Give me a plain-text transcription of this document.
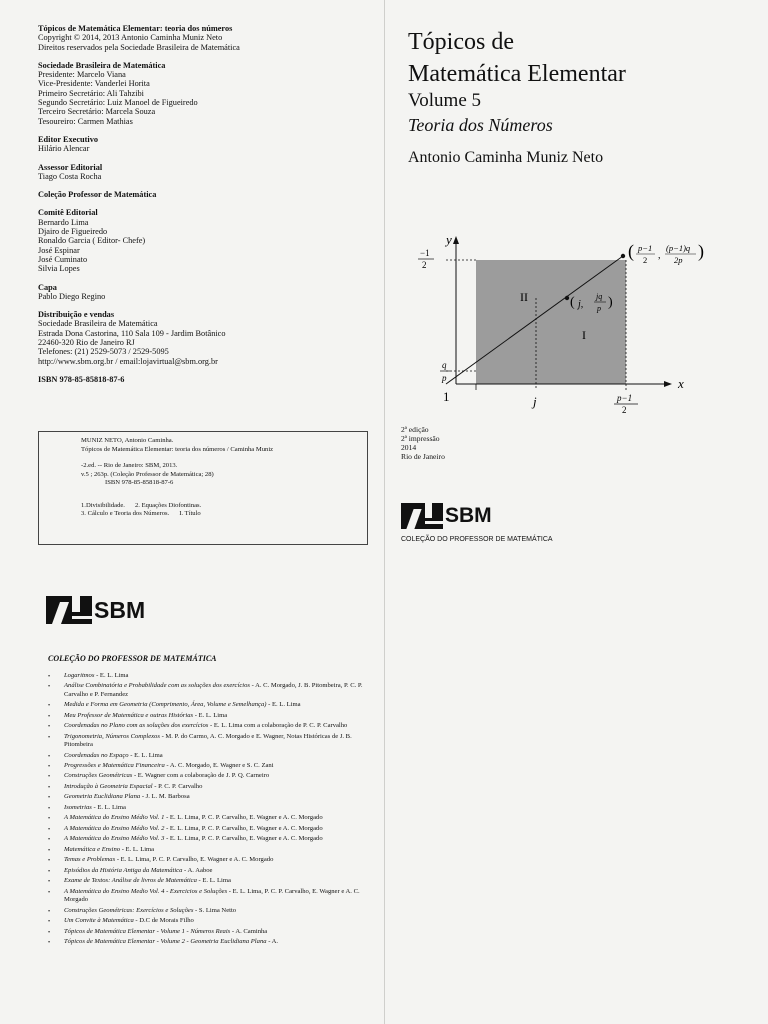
Tópicos de Matemática Elementar: teoria dos números

Copyright © 2014, 2013 Antonio Caminha Muniz Neto

Direitos reservados pela Sociedade Brasileira de Matemática

Sociedade Brasileira de Matemática

Presidente: Marcelo Viana

Vice-Presidente: Vanderlei Horita

Primeiro Secretário: Ali Tahzibi

Segundo Secretário: Luiz Manoel de Figueiredo

Terceiro Secretário: Marcela Souza

Tesoureiro: Carmen Mathias

Editor Executivo

Hilário Alencar

Assessor Editorial

Tiago Costa Rocha

Coleção Professor de Matemática

Comitê Editorial

Bernardo Lima

Djairo de Figueiredo

Ronaldo Garcia ( Editor- Chefe)

José Espinar

José Cuminato

Silvia Lopes

Capa

Pablo Diego Regino

Distribuição e vendas

Sociedade Brasileira de Matemática

Estrada Dona Castorina, 110 Sala 109 - Jardim Botânico

22460-320 Rio de Janeiro RJ

Telefones: (21) 2529-5073 / 2529-5095

http://www.sbm.org.br / email:lojavirtual@sbm.org.br

ISBN 978-85-85818-87-6

MUNIZ NETO, Antonio Caminha.

Tópicos de Matemática Elementar: teoria dos números / Caminha Muniz

-2.ed. -- Rio de Janeiro: SBM, 2013.

v.5 ; 263p. (Coleção Professor de Matemática; 28)

ISBN 978-85-85818-87-6

1.Divisibilidade. 2. Equações Diofontinas.
3. Cálculo e Teoria dos Números. I. Título
SBM
COLEÇÃO DO PROFESSOR DE MATEMÁTICA
• Logaritmos - E. L. Lima
• Análise Combinatória e Probabilidade com as soluções dos exercícios - A. C. Morgado, J. B. Pitombeira, P. C. P. Carvalho e P. Fernandez
• Medida e Forma em Geometria (Comprimento, Área, Volume e Semelhança) - E. L. Lima
• Meu Professor de Matemática e outras Histórias - E. L. Lima
• Coordenadas no Plano com as soluções dos exercícios - E. L. Lima com a colaboração de P. C. P. Carvalho
• Trigonometria, Números Complexos - M. P. do Carmo, A. C. Morgado e E. Wagner, Notas Históricas de J. B. Pitombeira
• Coordenadas no Espaço - E. L. Lima
• Progressões e Matemática Financeira - A. C. Morgado, E. Wagner e S. C. Zani
• Construções Geométricas - E. Wagner com a colaboração de J. P. Q. Carneiro
• Introdução à Geometria Espacial - P. C. P. Carvalho
• Geometria Euclidiana Plana - J. L. M. Barbosa
• Isometrias - E. L. Lima
• A Matemática do Ensino Médio Vol. 1 - E. L. Lima, P. C. P. Carvalho, E. Wagner e A. C. Morgado
• A Matemática do Ensino Médio Vol. 2 - E. L. Lima, P. C. P. Carvalho, E. Wagner e A. C. Morgado
• A Matemática do Ensino Médio Vol. 3 - E. L. Lima, P. C. P. Carvalho, E. Wagner e A. C. Morgado
• Matemática e Ensino - E. L. Lima
• Temas e Problemas - E. L. Lima, P. C. P. Carvalho, E. Wagner e A. C. Morgado
• Episódios da História Antiga da Matemática - A. Aaboe
• Exame de Textos: Análise de livros de Matemática - E. L. Lima
• A Matemática do Ensino Medio Vol. 4 - Exercicios e Soluções - E. L. Lima, P. C. P. Carvalho, E. Wagner e A. C. Morgado
• Construções Geométricas: Exercícios e Soluções - S. Lima Netto
• Um Convite à Matemática - D.C de Morais Filho
• Tópicos de Matemática Elementar - Volume 1 - Números Reais - A. Caminha
• Tópicos de Matemática Elementar - Volume 2 - Geometria Euclidiana Plana - A.
Tópicos de
Matemática Elementar
Volume 5
Teoria dos Números
Antonio Caminha Muniz Neto
y
x
−1
2
q
p
1	j	p−1
2
II
I
( j,
jq
p )
( p−1
2 ,
(p−1)q
2p )

2ª edição

2ª impressão

2014

Rio de Janeiro

SBM
COLEÇÃO DO PROFESSOR DE MATEMÁTICA
